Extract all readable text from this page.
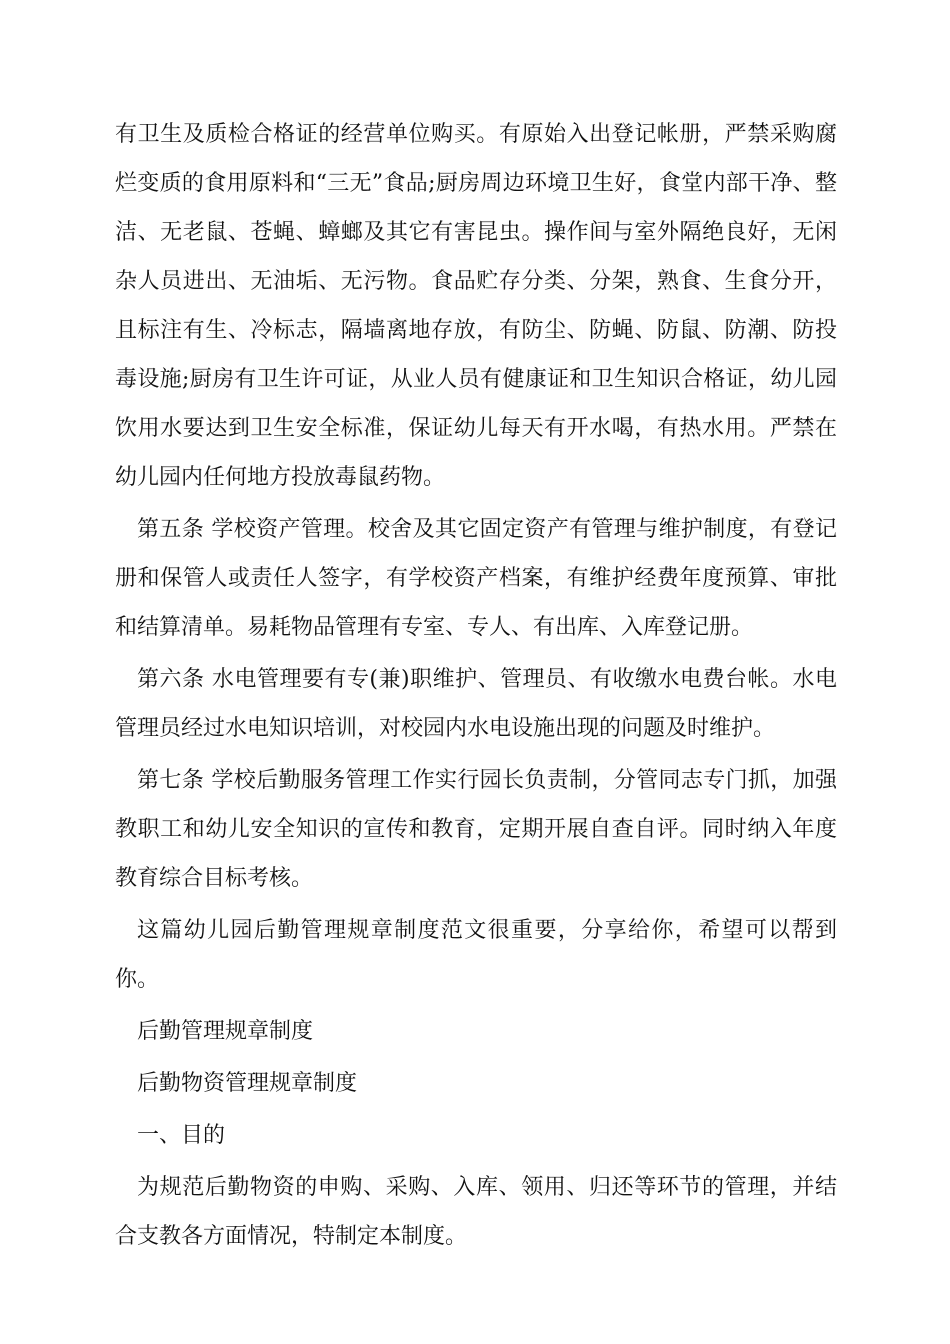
有卫生及质检合格证的经营单位购买。有原始入出登记帐册，严禁采购腐烂变质的食用原料和“三无”食品;厨房周边环境卫生好，食堂内部干净、整洁、无老鼠、苍蝇、蟑螂及其它有害昆虫。操作间与室外隔绝良好，无闲杂人员进出、无油垢、无污物。食品贮存分类、分架，熟食、生食分开，且标注有生、冷标志，隔墙离地存放，有防尘、防蝇、防鼠、防潮、防投毒设施;厨房有卫生许可证，从业人员有健康证和卫生知识合格证，幼儿园饮用水要达到卫生安全标准，保证幼儿每天有开水喝，有热水用。严禁在幼儿园内任何地方投放毒鼠药物。

第五条 学校资产管理。校舍及其它固定资产有管理与维护制度，有登记册和保管人或责任人签字，有学校资产档案，有维护经费年度预算、审批和结算清单。易耗物品管理有专室、专人、有出库、入库登记册。

第六条 水电管理要有专(兼)职维护、管理员、有收缴水电费台帐。水电管理员经过水电知识培训，对校园内水电设施出现的问题及时维护。

第七条 学校后勤服务管理工作实行园长负责制，分管同志专门抓，加强教职工和幼儿安全知识的宣传和教育，定期开展自查自评。同时纳入年度教育综合目标考核。

这篇幼儿园后勤管理规章制度范文很重要，分享给你，希望可以帮到你。

后勤管理规章制度

后勤物资管理规章制度

一、目的

为规范后勤物资的申购、采购、入库、领用、归还等环节的管理，并结合支教各方面情况，特制定本制度。
